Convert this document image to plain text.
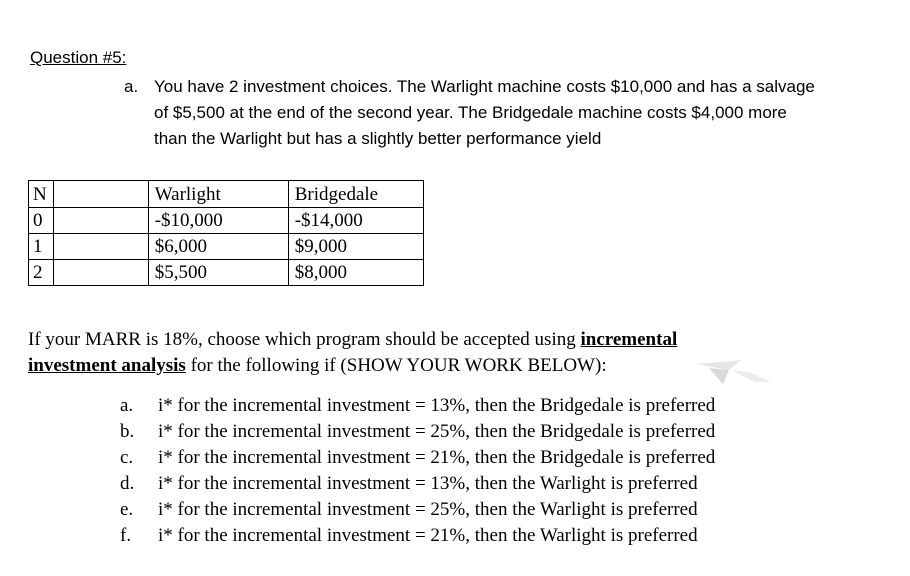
Question #5:
a. You have 2 investment choices. The Warlight machine costs $10,000 and has a salvage
of $5,500 at the end of the second year. The Bridgedale machine costs $4,000 more
than the Warlight but has a slightly better performance yield
N		Warlight	Bridgedale
0		-$10,000	-$14,000
1		$6,000	$9,000
2		$5,500	$8,000
If your MARR is 18%, choose which program should be accepted using incremental
investment analysis for the following if (SHOW YOUR WORK BELOW):
a. i* for the incremental investment = 13%, then the Bridgedale is preferred
b. i* for the incremental investment = 25%, then the Bridgedale is preferred
c. i* for the incremental investment = 21%, then the Bridgedale is preferred
d. i* for the incremental investment = 13%, then the Warlight is preferred
e. i* for the incremental investment = 25%, then the Warlight is preferred
f. i* for the incremental investment = 21%, then the Warlight is preferred
